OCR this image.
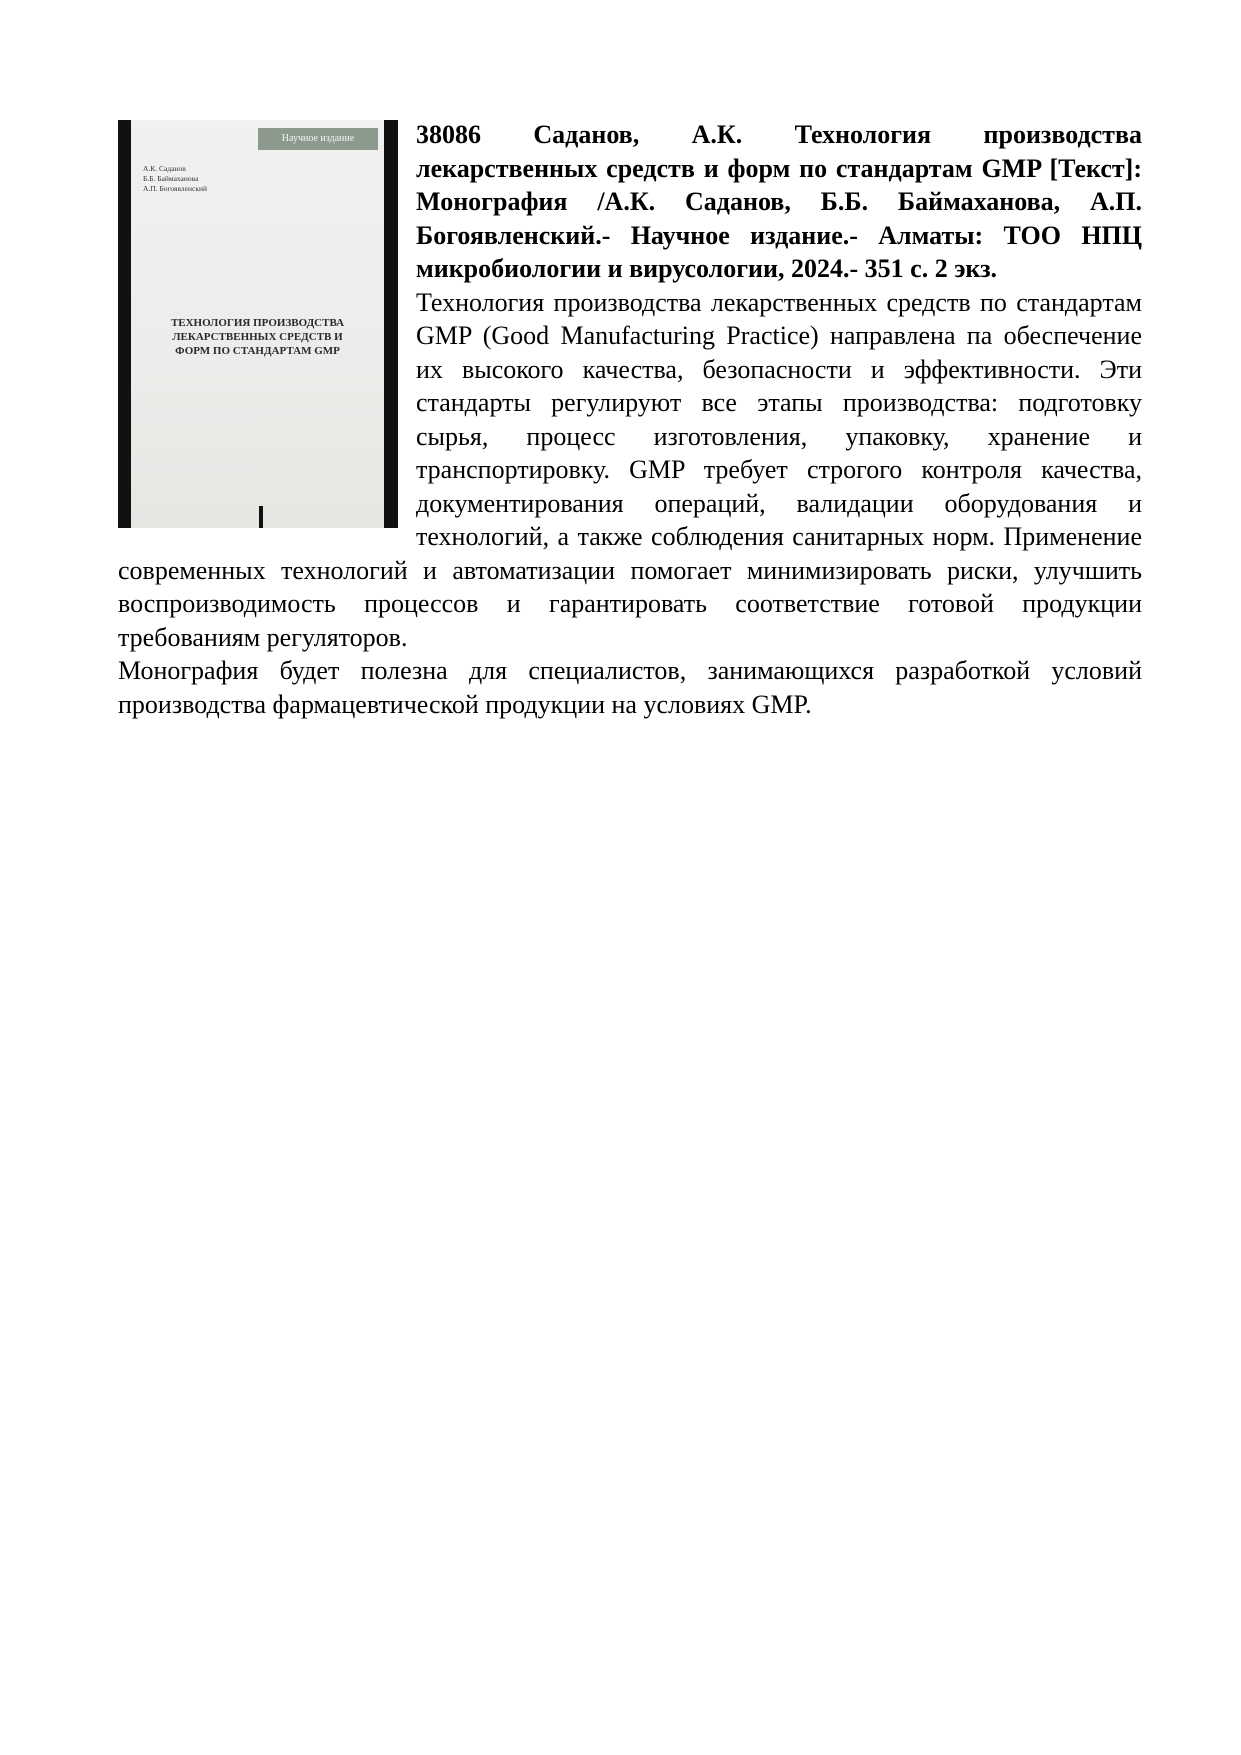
Научное издание
А.К. Саданов
Б.Б. Баймаханова
А.П. Богоявленский
ТЕХНОЛОГИЯ ПРОИЗВОДСТВА
ЛЕКАРСТВЕННЫХ СРЕДСТВ И
ФОРМ ПО СТАНДАРТАМ GMP

38086 Саданов, А.К. Технология производства лекарственных средств и форм по стандартам GMP [Текст]: Монография /А.К. Саданов, Б.Б. Баймаханова, А.П. Богоявленский.- Научное издание.- Алматы: ТОО НПЦ микробиологии и вирусологии, 2024.- 351 с. 2 экз.

Технология производства лекарственных средств по стандартам GMP (Good Manufacturing Practice) направлена па обеспечение их высокого качества, безопасности и эффективности. Эти стандарты регулируют все этапы производства: подготовку сырья, процесс изготовления, упаковку, хранение и транспортировку. GMP требует строгого контроля качества, документирования операций, валидации оборудования и технологий, а также соблюдения санитарных норм. Применение современных технологий и автоматизации помогает минимизировать риски, улучшить воспроизводимость процессов и гарантировать соответствие готовой продукции требованиям регуляторов.

Монография будет полезна для специалистов, занимающихся разработкой условий производства фармацевтической продукции на условиях GMP.
